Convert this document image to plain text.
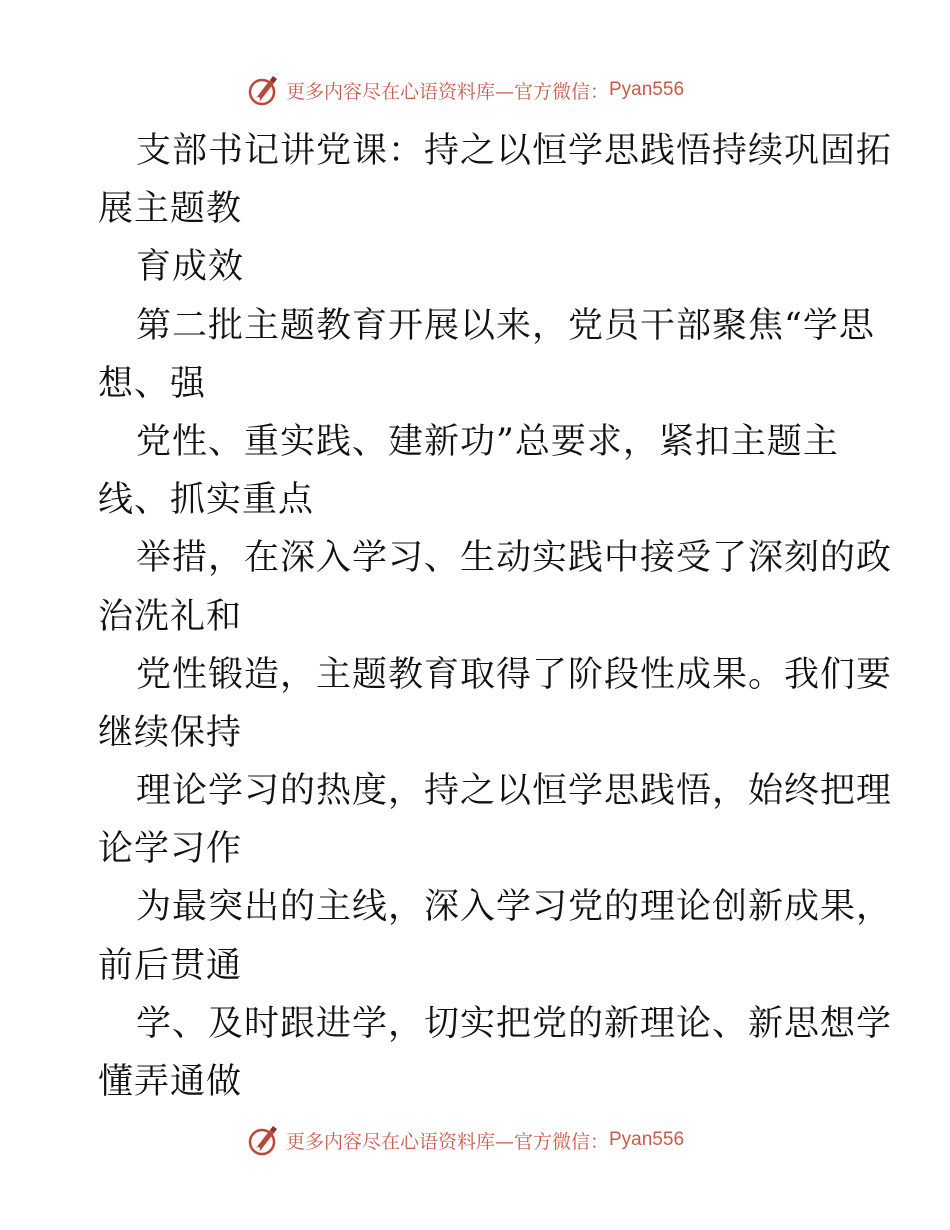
更多内容尽在心语资料库—官方微信： Pyan556
支部书记讲党课：持之以恒学思践悟持续巩固拓
展主题教
育成效
第二批主题教育开展以来，党员干部聚焦“学思
想、强
党性、重实践、建新功”总要求，紧扣主题主
线、抓实重点
举措，在深入学习、生动实践中接受了深刻的政
治洗礼和
党性锻造，主题教育取得了阶段性成果。我们要
继续保持
理论学习的热度，持之以恒学思践悟，始终把理
论学习作
为最突出的主线，深入学习党的理论创新成果，
前后贯通
学、及时跟进学，切实把党的新理论、新思想学
懂弄通做
更多内容尽在心语资料库—官方微信： Pyan556
